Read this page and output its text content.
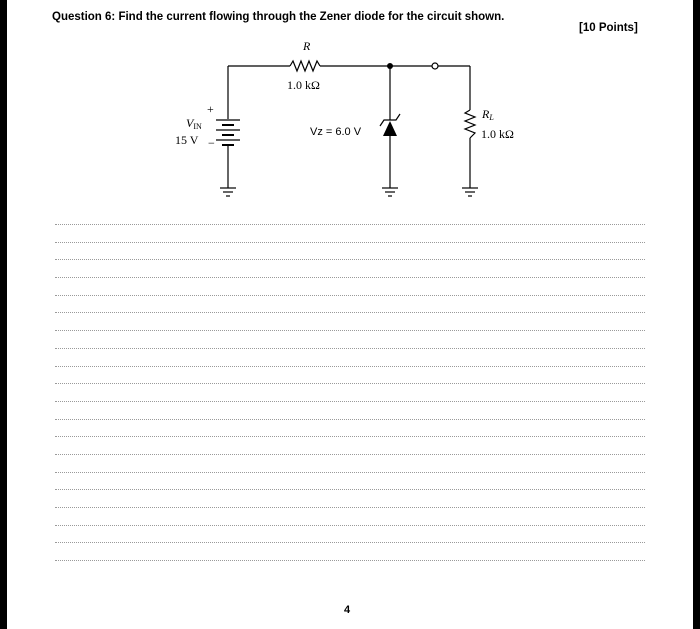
Question 6: Find the current flowing through the Zener diode for the circuit shown.
[10 Points]
R
1.0 kΩ
VIN
15 V
+
−
Vz = 6.0 V
RL
1.0 kΩ
4
